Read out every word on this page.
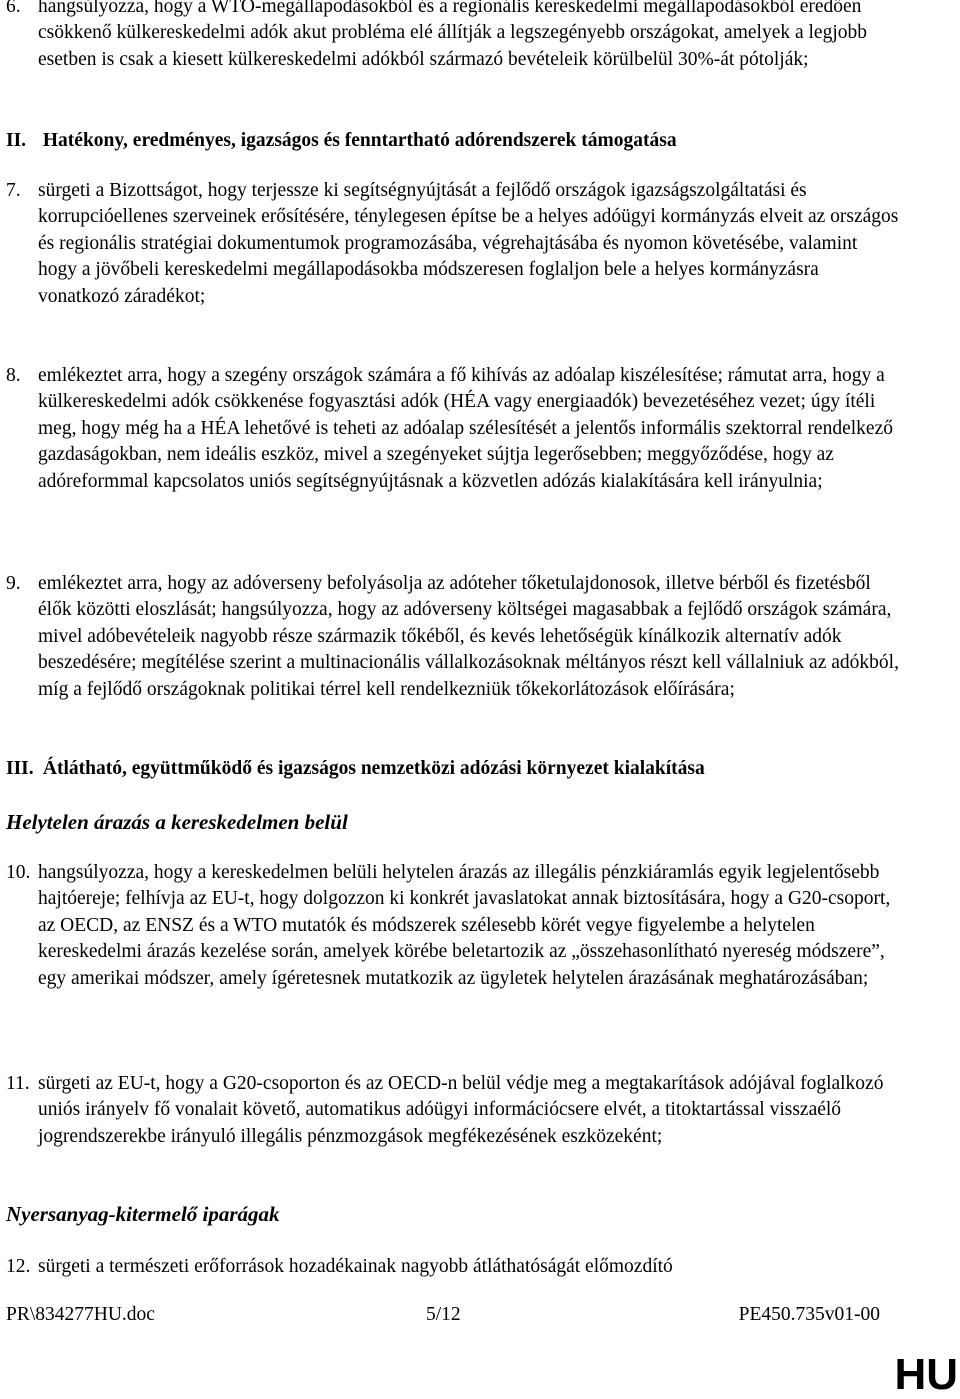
6. hangsúlyozza, hogy a WTO-megállapodásokból és a regionális kereskedelmi megállapodásokból eredően csökkenő külkereskedelmi adók akut probléma elé állítják a legszegényebb országokat, amelyek a legjobb esetben is csak a kiesett külkereskedelmi adókból származó bevételeik körülbelül 30%-át pótolják;
II. Hatékony, eredményes, igazságos és fenntartható adórendszerek támogatása
7. sürgeti a Bizottságot, hogy terjessze ki segítségnyújtását a fejlődő országok igazságszolgáltatási és korrupcióellenes szerveinek erősítésére, ténylegesen építse be a helyes adóügyi kormányzás elveit az országos és regionális stratégiai dokumentumok programozásába, végrehajtásába és nyomon követésébe, valamint hogy a jövőbeli kereskedelmi megállapodásokba módszeresen foglaljon bele a helyes kormányzásra vonatkozó záradékot;
8. emlékeztet arra, hogy a szegény országok számára a fő kihívás az adóalap kiszélesítése; rámutat arra, hogy a külkereskedelmi adók csökkenése fogyasztási adók (HÉA vagy energiaadók) bevezetéséhez vezet; úgy ítéli meg, hogy még ha a HÉA lehetővé is teheti az adóalap szélesítését a jelentős informális szektorral rendelkező gazdaságokban, nem ideális eszköz, mivel a szegényeket sújtja legerősebben; meggyőződése, hogy az adóreformmal kapcsolatos uniós segítségnyújtásnak a közvetlen adózás kialakítására kell irányulnia;
9. emlékeztet arra, hogy az adóverseny befolyásolja az adóteher tőketulajdonosok, illetve bérből és fizetésből élők közötti eloszlását; hangsúlyozza, hogy az adóverseny költségei magasabbak a fejlődő országok számára, mivel adóbevételeik nagyobb része származik tőkéből, és kevés lehetőségük kínálkozik alternatív adók beszedésére; megítélése szerint a multinacionális vállalkozásoknak méltányos részt kell vállalniuk az adókból, míg a fejlődő országoknak politikai térrel kell rendelkezniük tőkekorlátozások előírására;
III. Átlátható, együttműködő és igazságos nemzetközi adózási környezet kialakítása
Helytelen árazás a kereskedelmen belül
10. hangsúlyozza, hogy a kereskedelmen belüli helytelen árazás az illegális pénzkiáramlás egyik legjelentősebb hajtóereje; felhívja az EU-t, hogy dolgozzon ki konkrét javaslatokat annak biztosítására, hogy a G20-csoport, az OECD, az ENSZ és a WTO mutatók és módszerek szélesebb körét vegye figyelembe a helytelen kereskedelmi árazás kezelése során, amelyek körébe beletartozik az „összehasonlítható nyereség módszere”, egy amerikai módszer, amely ígéretesnek mutatkozik az ügyletek helytelen árazásának meghatározásában;
11. sürgeti az EU-t, hogy a G20-csoporton és az OECD-n belül védje meg a megtakarítások adójával foglalkozó uniós irányelv fő vonalait követő, automatikus adóügyi információcsere elvét, a titoktartással visszaélő jogrendszerekbe irányuló illegális pénzmozgások megfékezésének eszközeként;
Nyersanyag-kitermelő iparágak
12. sürgeti a természeti erőforrások hozadékainak nagyobb átláthatóságát előmozdító
PR\834277HU.doc	5/12	PE450.735v01-00
HU
